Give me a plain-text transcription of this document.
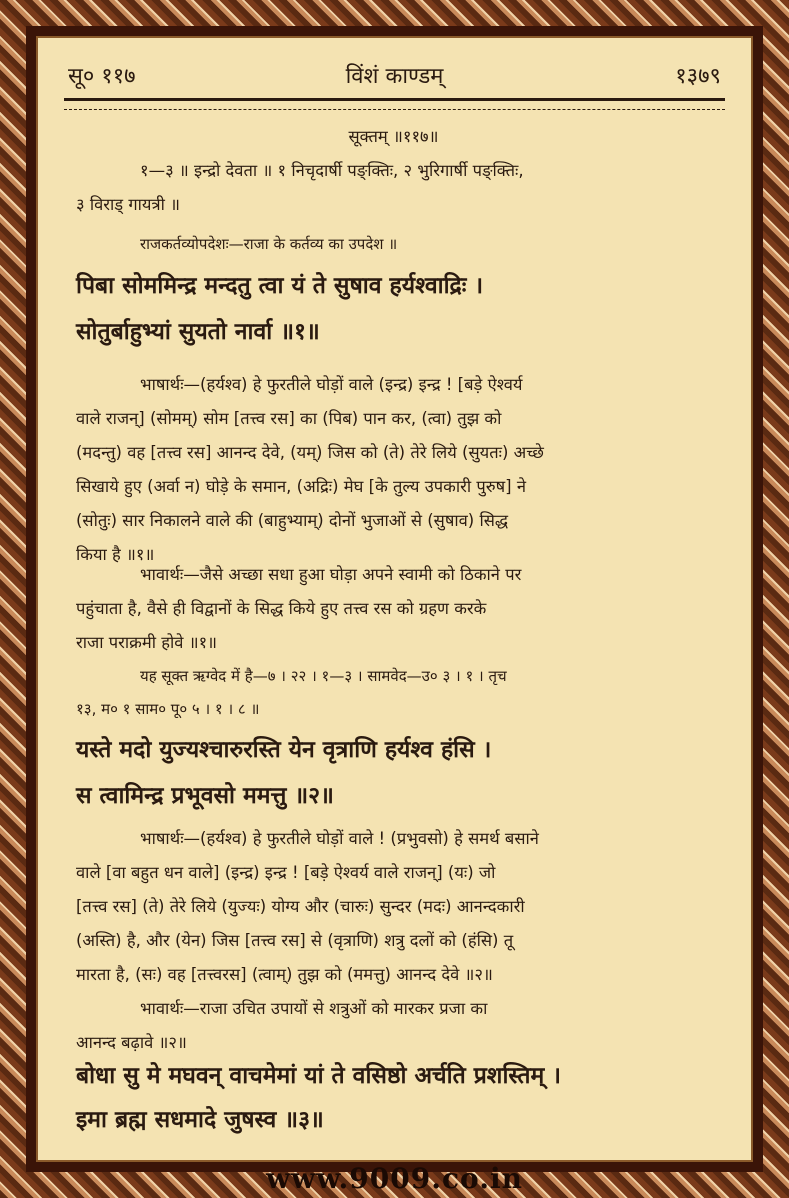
सू० ११७	विंशं काण्डम्	१३७९
सूक्तम् ॥११७॥
१—३ ॥ इन्द्रो देवता ॥ १ निचृदार्षी पङ्क्तिः, २ भुरिगार्षी पङ्क्तिः,
३ विराड् गायत्री ॥
राजकर्तव्योपदेशः—राजा के कर्तव्य का उपदेश ॥
पिबा सोममिन्द्र मन्दतु त्वा यं ते सुषाव हर्यश्वाद्रिः ।
सोतुर्बाहुभ्यां सुयतो नार्वा ॥१॥
भाषार्थः—(हर्यश्व) हे फुरतीले घोड़ों वाले (इन्द्र) इन्द्र ! [बड़े ऐश्वर्य
वाले राजन्] (सोमम्) सोम [तत्त्व रस] का (पिब) पान कर, (त्वा) तुझ को
(मदन्तु) वह [तत्त्व रस] आनन्द देवे, (यम्) जिस को (ते) तेरे लिये (सुयतः) अच्छे
सिखाये हुए (अर्वा न) घोड़े के समान, (अद्रिः) मेघ [के तुल्य उपकारी पुरुष] ने
(सोतुः) सार निकालने वाले की (बाहुभ्याम्) दोनों भुजाओं से (सुषाव) सिद्ध
किया है ॥१॥
भावार्थः—जैसे अच्छा सधा हुआ घोड़ा अपने स्वामी को ठिकाने पर
पहुंचाता है, वैसे ही विद्वानों के सिद्ध किये हुए तत्त्व रस को ग्रहण करके
राजा पराक्रमी होवे ॥१॥
यह सूक्त ऋग्वेद में है—७ । २२ । १—३ । सामवेद—उ० ३ । १ । तृच
१३, म० १ साम० पू० ५ । १ । ८ ॥
यस्ते मदो युज्यश्चारुरस्ति येन वृत्राणि हर्यश्व हंसि ।
स त्वामिन्द्र प्रभूवसो ममत्तु ॥२॥
भाषार्थः—(हर्यश्व) हे फुरतीले घोड़ों वाले ! (प्रभुवसो) हे समर्थ बसाने
वाले [वा बहुत धन वाले] (इन्द्र) इन्द्र ! [बड़े ऐश्वर्य वाले राजन्] (यः) जो
[तत्त्व रस] (ते) तेरे लिये (युज्यः) योग्य और (चारुः) सुन्दर (मदः) आनन्दकारी
(अस्ति) है, और (येन) जिस [तत्त्व रस] से (वृत्राणि) शत्रु दलों को (हंसि) तू
मारता है, (सः) वह [तत्त्वरस] (त्वाम्) तुझ को (ममत्तु) आनन्द देवे ॥२॥
भावार्थः—राजा उचित उपायों से शत्रुओं को मारकर प्रजा का
आनन्द बढ़ावे ॥२॥
बोधा सु मे मघवन् वाचमेमां यां ते वसिष्ठो अर्चति प्रशस्तिम् ।
इमा ब्रह्म सधमादे जुषस्व ॥३॥
www.9009.co.in
